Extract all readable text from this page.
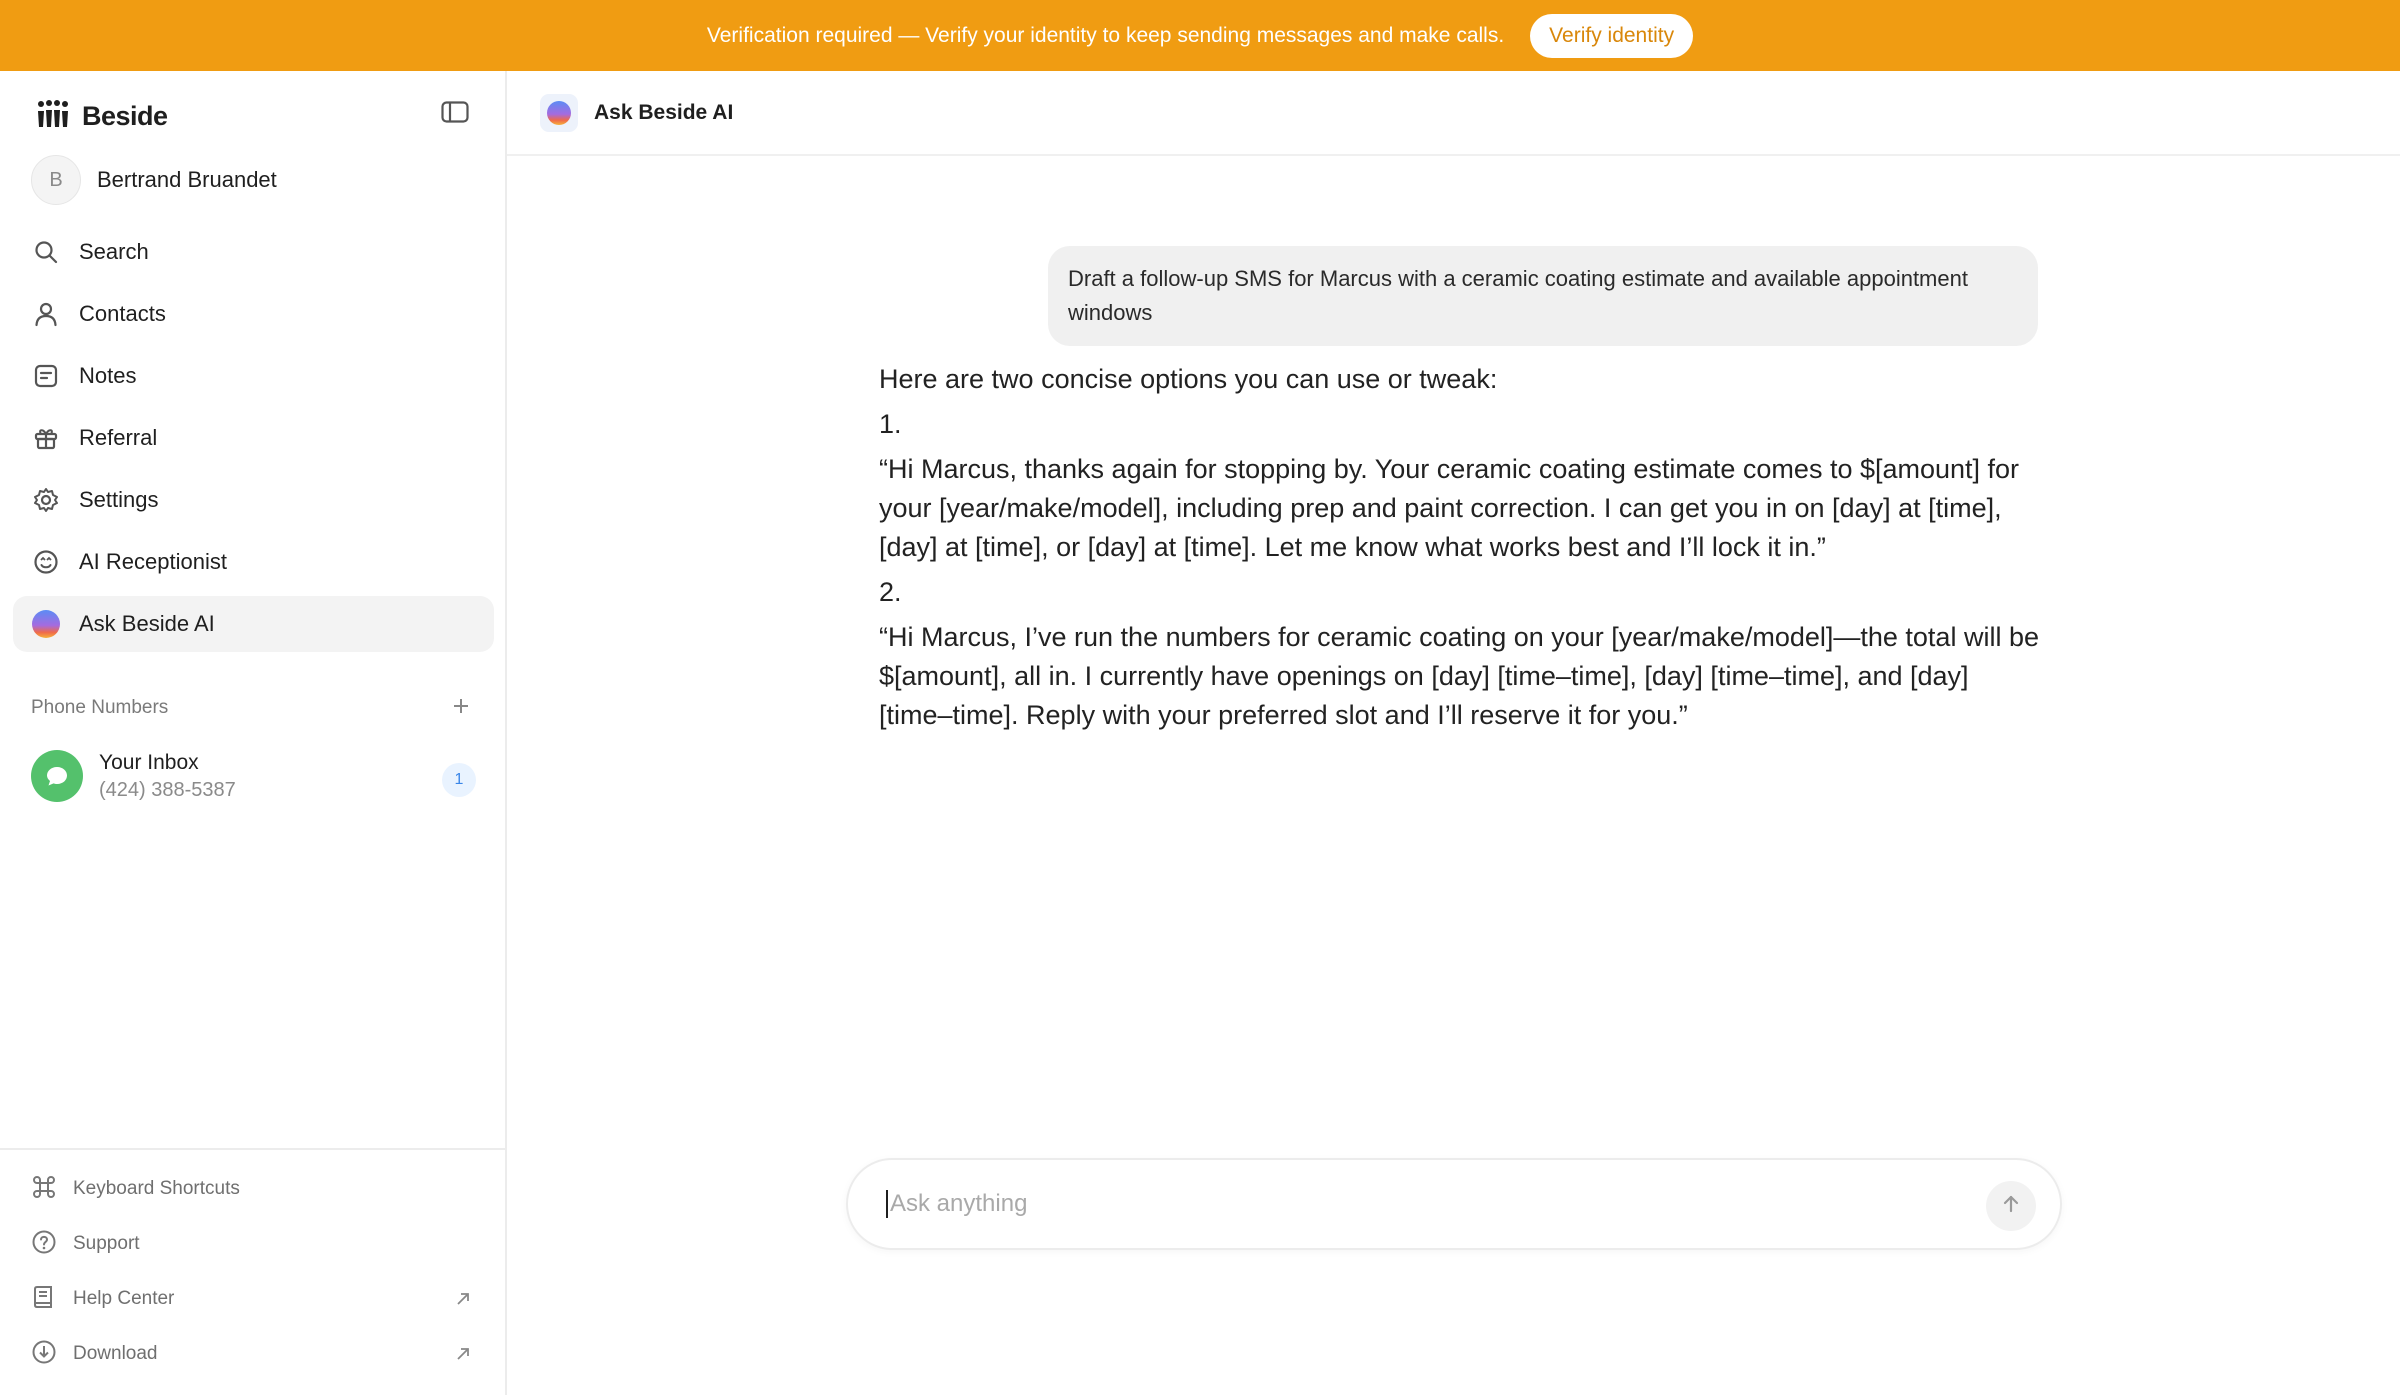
Verification required — Verify your identity to keep sending messages and make calls.	Verify identity
Beside
B	Bertrand Bruandet
Search
Contacts
Notes
Referral
Settings
AI Receptionist
Ask Beside AI
Phone Numbers
Your Inbox
(424) 388-5387	1
Keyboard Shortcuts
Support
Help Center
Download
Ask Beside AI
Draft a follow-up SMS for Marcus with a ceramic coating estimate and available appointment windows

Here are two concise options you can use or tweak:

1.

“Hi Marcus, thanks again for stopping by. Your ceramic coating estimate comes to $[amount] for your [year/make/model], including prep and paint correction. I can get you in on [day] at [time], [day] at [time], or [day] at [time]. Let me know what works best and I’ll lock it in.”

2.

“Hi Marcus, I’ve run the numbers for ceramic coating on your [year/make/model]—the total will be $[amount], all in. I currently have openings on [day] [time–time], [day] [time–time], and [day] [time–time]. Reply with your preferred slot and I’ll reserve it for you.”

Ask anything
